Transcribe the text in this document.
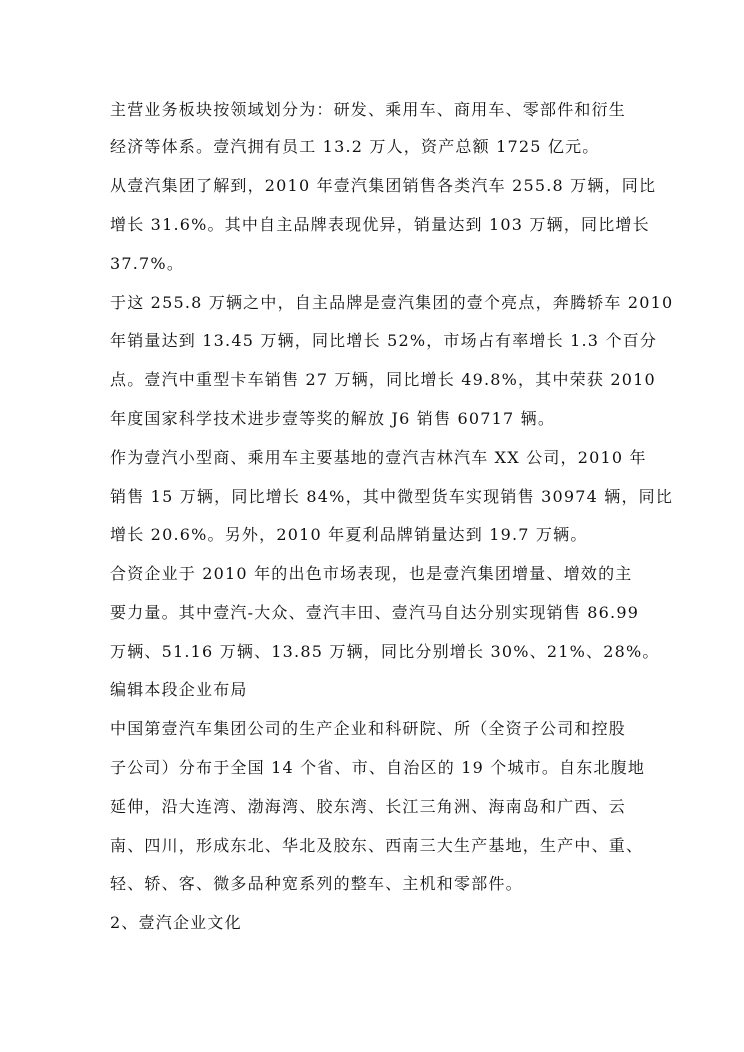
主营业务板块按领域划分为：研发、乘用车、商用车、零部件和衍生
经济等体系。壹汽拥有员工 13.2 万人，资产总额 1725 亿元。
从壹汽集团了解到，2010 年壹汽集团销售各类汽车 255.8 万辆，同比
增长 31.6%。其中自主品牌表现优异，销量达到 103 万辆，同比增长
37.7%。
于这 255.8 万辆之中，自主品牌是壹汽集团的壹个亮点，奔腾轿车 2010
年销量达到 13.45 万辆，同比增长 52%，市场占有率增长 1.3 个百分
点。壹汽中重型卡车销售 27 万辆，同比增长 49.8%，其中荣获 2010
年度国家科学技术进步壹等奖的解放 J6 销售 60717 辆。
作为壹汽小型商、乘用车主要基地的壹汽吉林汽车 XX 公司，2010 年
销售 15 万辆，同比增长 84%，其中微型货车实现销售 30974 辆，同比
增长 20.6%。另外，2010 年夏利品牌销量达到 19.7 万辆。
合资企业于 2010 年的出色市场表现，也是壹汽集团增量、增效的主
要力量。其中壹汽-大众、壹汽丰田、壹汽马自达分别实现销售 86.99
万辆、51.16 万辆、13.85 万辆，同比分别增长 30%、21%、28%。
编辑本段企业布局
中国第壹汽车集团公司的生产企业和科研院、所（全资子公司和控股
子公司）分布于全国 14 个省、市、自治区的 19 个城市。自东北腹地
延伸，沿大连湾、渤海湾、胶东湾、长江三角洲、海南岛和广西、云
南、四川，形成东北、华北及胶东、西南三大生产基地，生产中、重、
轻、轿、客、微多品种宽系列的整车、主机和零部件。
2、壹汽企业文化
